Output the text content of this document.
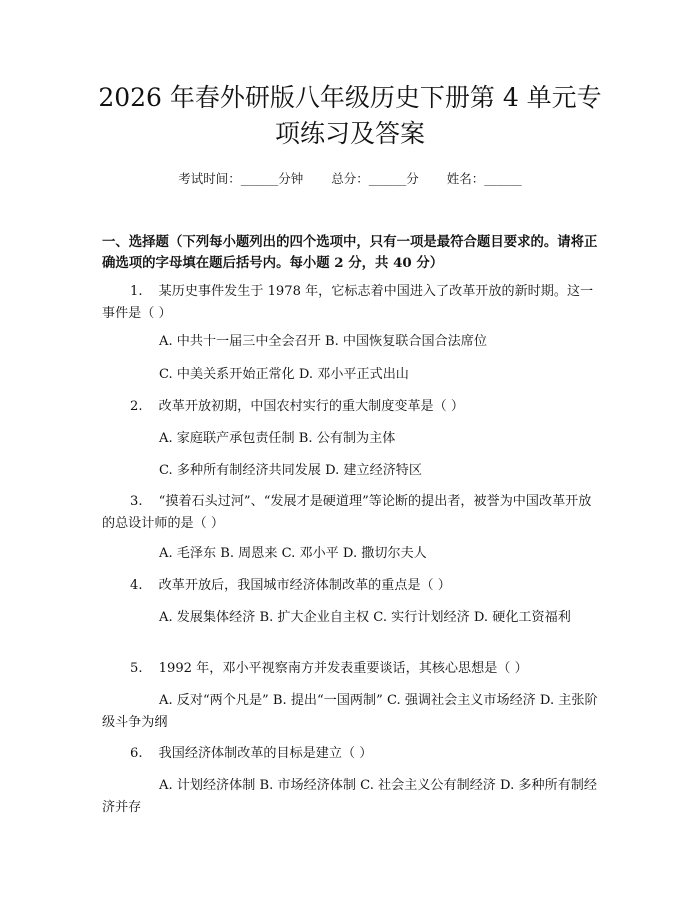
2026 年春外研版八年级历史下册第 4 单元专
项练习及答案
考试时间：______分钟 总分：______分 姓名：______
一、选择题（下列每小题列出的四个选项中，只有一项是最符合题目要求的。请将正确选项的字母填在题后括号内。每小题 2 分，共 40 分）
1. 某历史事件发生于 1978 年，它标志着中国进入了改革开放的新时期。这一事件是（ ）
A. 中共十一届三中全会召开 B. 中国恢复联合国合法席位
C. 中美关系开始正常化 D. 邓小平正式出山
2. 改革开放初期，中国农村实行的重大制度变革是（ ）
A. 家庭联产承包责任制 B. 公有制为主体
C. 多种所有制经济共同发展 D. 建立经济特区
3. “摸着石头过河”、“发展才是硬道理”等论断的提出者，被誉为中国改革开放的总设计师的是（ ）
A. 毛泽东 B. 周恩来 C. 邓小平 D. 撒切尔夫人
4. 改革开放后，我国城市经济体制改革的重点是（ ）
A. 发展集体经济 B. 扩大企业自主权 C. 实行计划经济 D. 硬化工资福利
5. 1992 年，邓小平视察南方并发表重要谈话，其核心思想是（ ）
A. 反对“两个凡是” B. 提出“一国两制” C. 强调社会主义市场经济 D. 主张阶级斗争为纲
6. 我国经济体制改革的目标是建立（ ）
A. 计划经济体制 B. 市场经济体制 C. 社会主义公有制经济 D. 多种所有制经济并存
